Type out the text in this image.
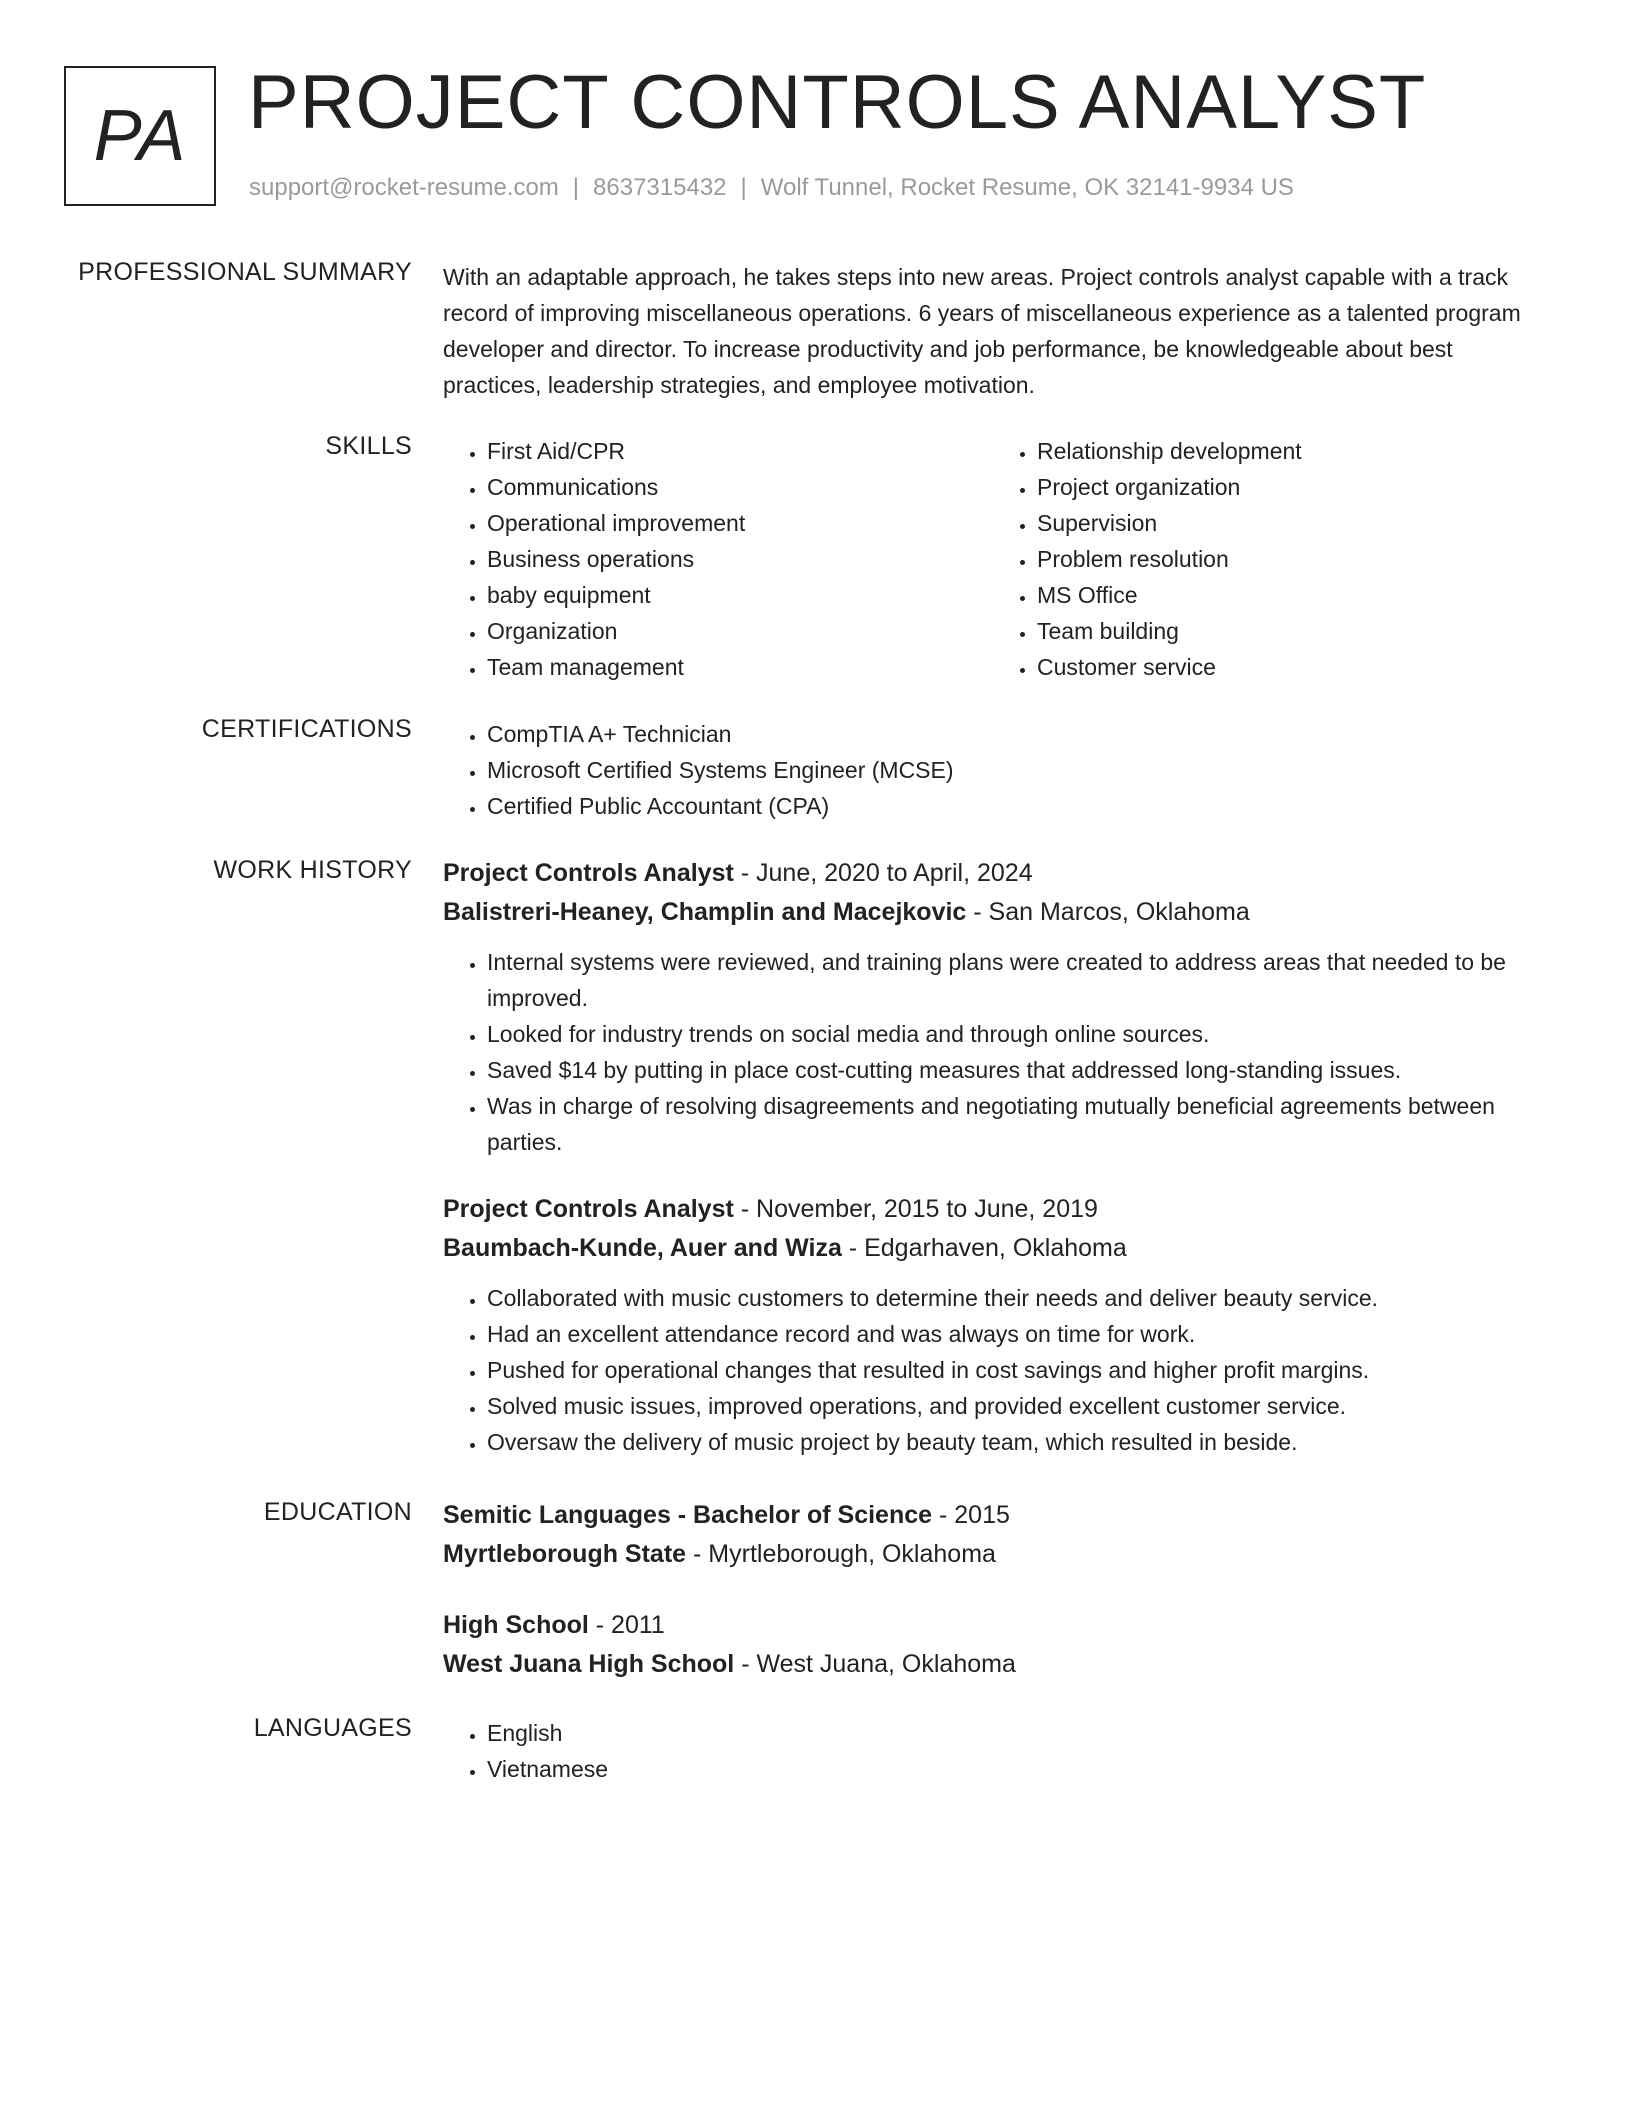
PA PROJECT CONTROLS ANALYST
support@rocket-resume.com | 8637315432 | Wolf Tunnel, Rocket Resume, OK 32141-9934 US
PROFESSIONAL SUMMARY With an adaptable approach, he takes steps into new areas. Project controls analyst capable with a track record of improving miscellaneous operations. 6 years of miscellaneous experience as a talented program developer and director. To increase productivity and job performance, be knowledgeable about best practices, leadership strategies, and employee motivation.

SKILLS	• First Aid/CPR
• Communications
• Operational improvement
• Business operations
• baby equipment
• Organization
• Team management
• Relationship development
• Project organization
• Supervision
• Problem resolution
• MS Office
• Team building
• Customer service
CERTIFICATIONS	• CompTIA A+ Technician
• Microsoft Certified Systems Engineer (MCSE)
• Certified Public Accountant (CPA)
WORK HISTORY Project Controls Analyst - June, 2020 to April, 2024
Balistreri-Heaney, Champlin and Macejkovic - San Marcos, Oklahoma
• Internal systems were reviewed, and training plans were created to address areas that needed to be improved.
• Looked for industry trends on social media and through online sources.
• Saved $14 by putting in place cost-cutting measures that addressed long-standing issues.
• Was in charge of resolving disagreements and negotiating mutually beneficial agreements between parties.
Project Controls Analyst - November, 2015 to June, 2019
Baumbach-Kunde, Auer and Wiza - Edgarhaven, Oklahoma
• Collaborated with music customers to determine their needs and deliver beauty service.
• Had an excellent attendance record and was always on time for work.
• Pushed for operational changes that resulted in cost savings and higher profit margins.
• Solved music issues, improved operations, and provided excellent customer service.
• Oversaw the delivery of music project by beauty team, which resulted in beside.
EDUCATION Semitic Languages - Bachelor of Science - 2015
Myrtleborough State - Myrtleborough, Oklahoma
High School - 2011
West Juana High School - West Juana, Oklahoma
LANGUAGES	• English
• Vietnamese
